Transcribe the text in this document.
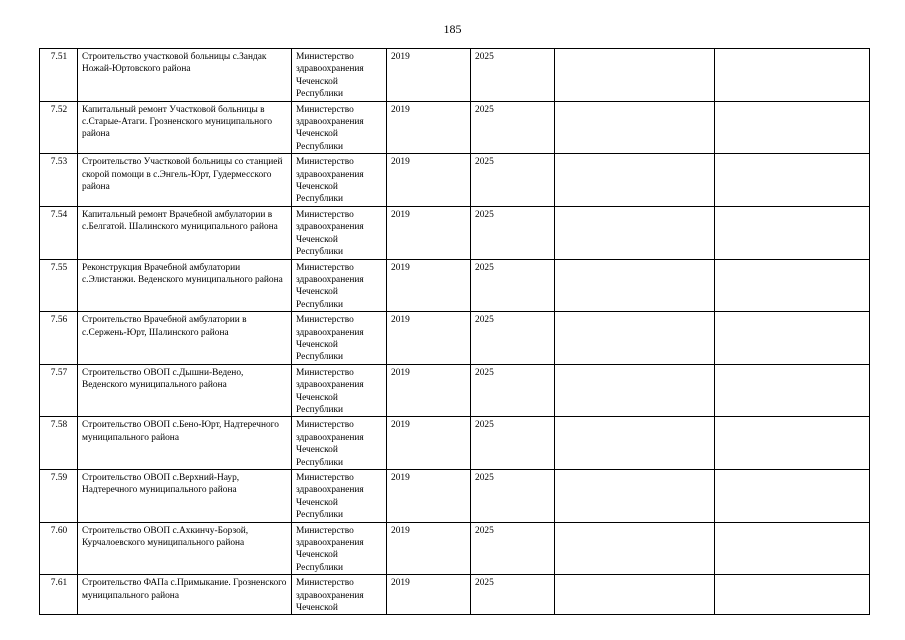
185
7.51	Строительство участковой больницы с.Зандак Ножай-Юртовского района	Министерство здравоохранения Чеченской Республики	2019	2025		
7.52	Капитальный ремонт Участковой больницы в с.Старые-Атаги. Грозненского муниципального района	Министерство здравоохранения Чеченской Республики	2019	2025		
7.53	Строительство Участковой больницы со станцией скорой помощи в с.Энгель-Юрт, Гудермесского района	Министерство здравоохранения Чеченской Республики	2019	2025		
7.54	Капитальный ремонт Врачебной амбулатории в с.Белгатой. Шалинского муниципального района	Министерство здравоохранения Чеченской Республики	2019	2025		
7.55	Реконструкция Врачебной амбулатории с.Элистанжи. Веденского муниципального района	Министерство здравоохранения Чеченской Республики	2019	2025		
7.56	Строительство Врачебной амбулатории в с.Сержень-Юрт, Шалинского района	Министерство здравоохранения Чеченской Республики	2019	2025		
7.57	Строительство ОВОП с.Дышни-Ведено, Веденского муниципального района	Министерство здравоохранения Чеченской Республики	2019	2025		
7.58	Строительство ОВОП с.Бено-Юрт, Надтеречного муниципального района	Министерство здравоохранения Чеченской Республики	2019	2025		
7.59	Строительство ОВОП с.Верхний-Наур, Надтеречного муниципального района	Министерство здравоохранения Чеченской Республики	2019	2025		
7.60	Строительство ОВОП с.Ахкинчу-Борзой, Курчалоевского муниципального района	Министерство здравоохранения Чеченской Республики	2019	2025		
7.61	Строительство ФАПа с.Примыкание. Грозненского муниципального района	Министерство здравоохранения Чеченской	2019	2025		
